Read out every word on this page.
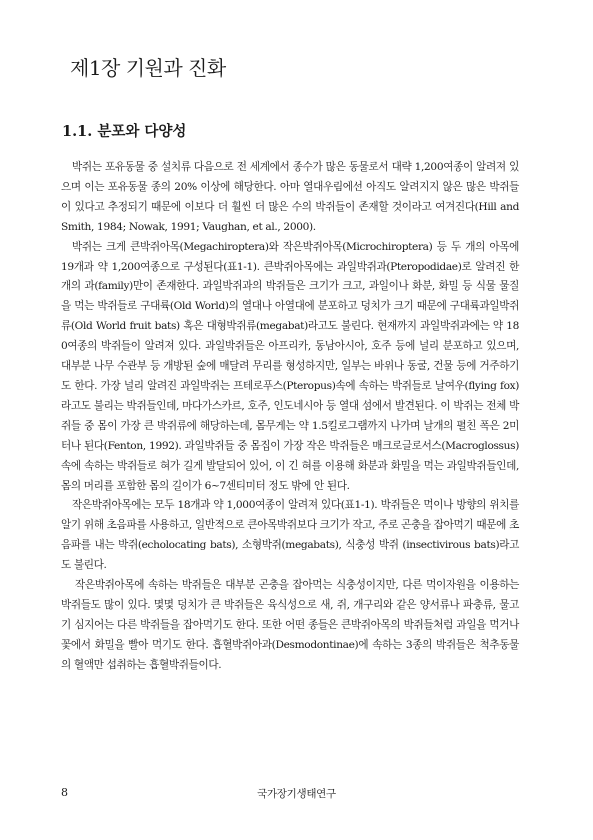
제1장 기원과 진화
1.1. 분포와 다양성

박쥐는 포유동물 중 설치류 다음으로 전 세계에서 종수가 많은 동물로서 대략 1,200여종이 알려져 있으며 이는 포유동물 종의 20% 이상에 해당한다. 아마 열대우림에선 아직도 알려지지 않은 많은 박쥐들이 있다고 추정되기 때문에 이보다 더 훨씬 더 많은 수의 박쥐들이 존재할 것이라고 여겨진다(Hill and Smith, 1984; Nowak, 1991; Vaughan, et al., 2000).

박쥐는 크게 큰박쥐아목(Megachiroptera)와 작은박쥐아목(Microchiroptera) 등 두 개의 아목에 19개과 약 1,200여종으로 구성된다(표1-1). 큰박쥐아목에는 과일박쥐과(Pteropodidae)로 알려진 한 개의 과(family)만이 존재한다. 과일박쥐과의 박쥐들은 크기가 크고, 과일이나 화분, 화밀 등 식물 물질을 먹는 박쥐들로 구대륙(Old World)의 열대나 아열대에 분포하고 덩치가 크기 때문에 구대륙과일박쥐류(Old World fruit bats) 혹은 대형박쥐류(megabat)라고도 불린다. 현재까지 과일박쥐과에는 약 180여종의 박쥐들이 알려져 있다. 과일박쥐들은 아프리카, 동남아시아, 호주 등에 널리 분포하고 있으며, 대부분 나무 수관부 등 개방된 숲에 매달려 무리를 형성하지만, 일부는 바위나 동굴, 건물 등에 거주하기도 한다. 가장 널리 알려진 과일박쥐는 프테로푸스(Pteropus)속에 속하는 박쥐들로 날여우(flying fox)라고도 불리는 박쥐들인데, 마다가스카르, 호주, 인도네시아 등 열대 섬에서 발견된다. 이 박쥐는 전체 박쥐들 중 몸이 가장 큰 박쥐류에 해당하는데, 몸무게는 약 1.5킬로그램까지 나가며 날개의 펼친 폭은 2미터나 된다(Fenton, 1992). 과일박쥐들 중 몸집이 가장 작은 박쥐들은 매크로글로서스(Macroglossus)속에 속하는 박쥐들로 혀가 길게 발달되어 있어, 이 긴 혀를 이용해 화분과 화밀을 먹는 과일박쥐들인데, 몸의 머리를 포함한 몸의 길이가 6~7센티미터 정도 밖에 안 된다.

작은박쥐아목에는 모두 18개과 약 1,000여종이 알려져 있다(표1-1). 박쥐들은 먹이나 방향의 위치를 알기 위해 초음파를 사용하고, 일반적으로 큰아목박쥐보다 크기가 작고, 주로 곤충을 잡아먹기 때문에 초음파를 내는 박쥐(echolocating bats), 소형박쥐(megabats), 식충성 박쥐 (insectivirous bats)라고도 불린다.

작은박쥐아목에 속하는 박쥐들은 대부분 곤충을 잡아먹는 식충성이지만, 다른 먹이자원을 이용하는 박쥐들도 많이 있다. 몇몇 덩치가 큰 박쥐들은 육식성으로 새, 쥐, 개구리와 같은 양서류나 파충류, 물고기 심지어는 다른 박쥐들을 잡아먹기도 한다. 또한 어떤 종들은 큰박쥐아목의 박쥐들처럼 과일을 먹거나 꽃에서 화밀을 빨아 먹기도 한다. 흡혈박쥐아과(Desmodontinae)에 속하는 3종의 박쥐들은 척추동물의 혈액만 섭취하는 흡혈박쥐들이다.

8	국가장기생태연구
